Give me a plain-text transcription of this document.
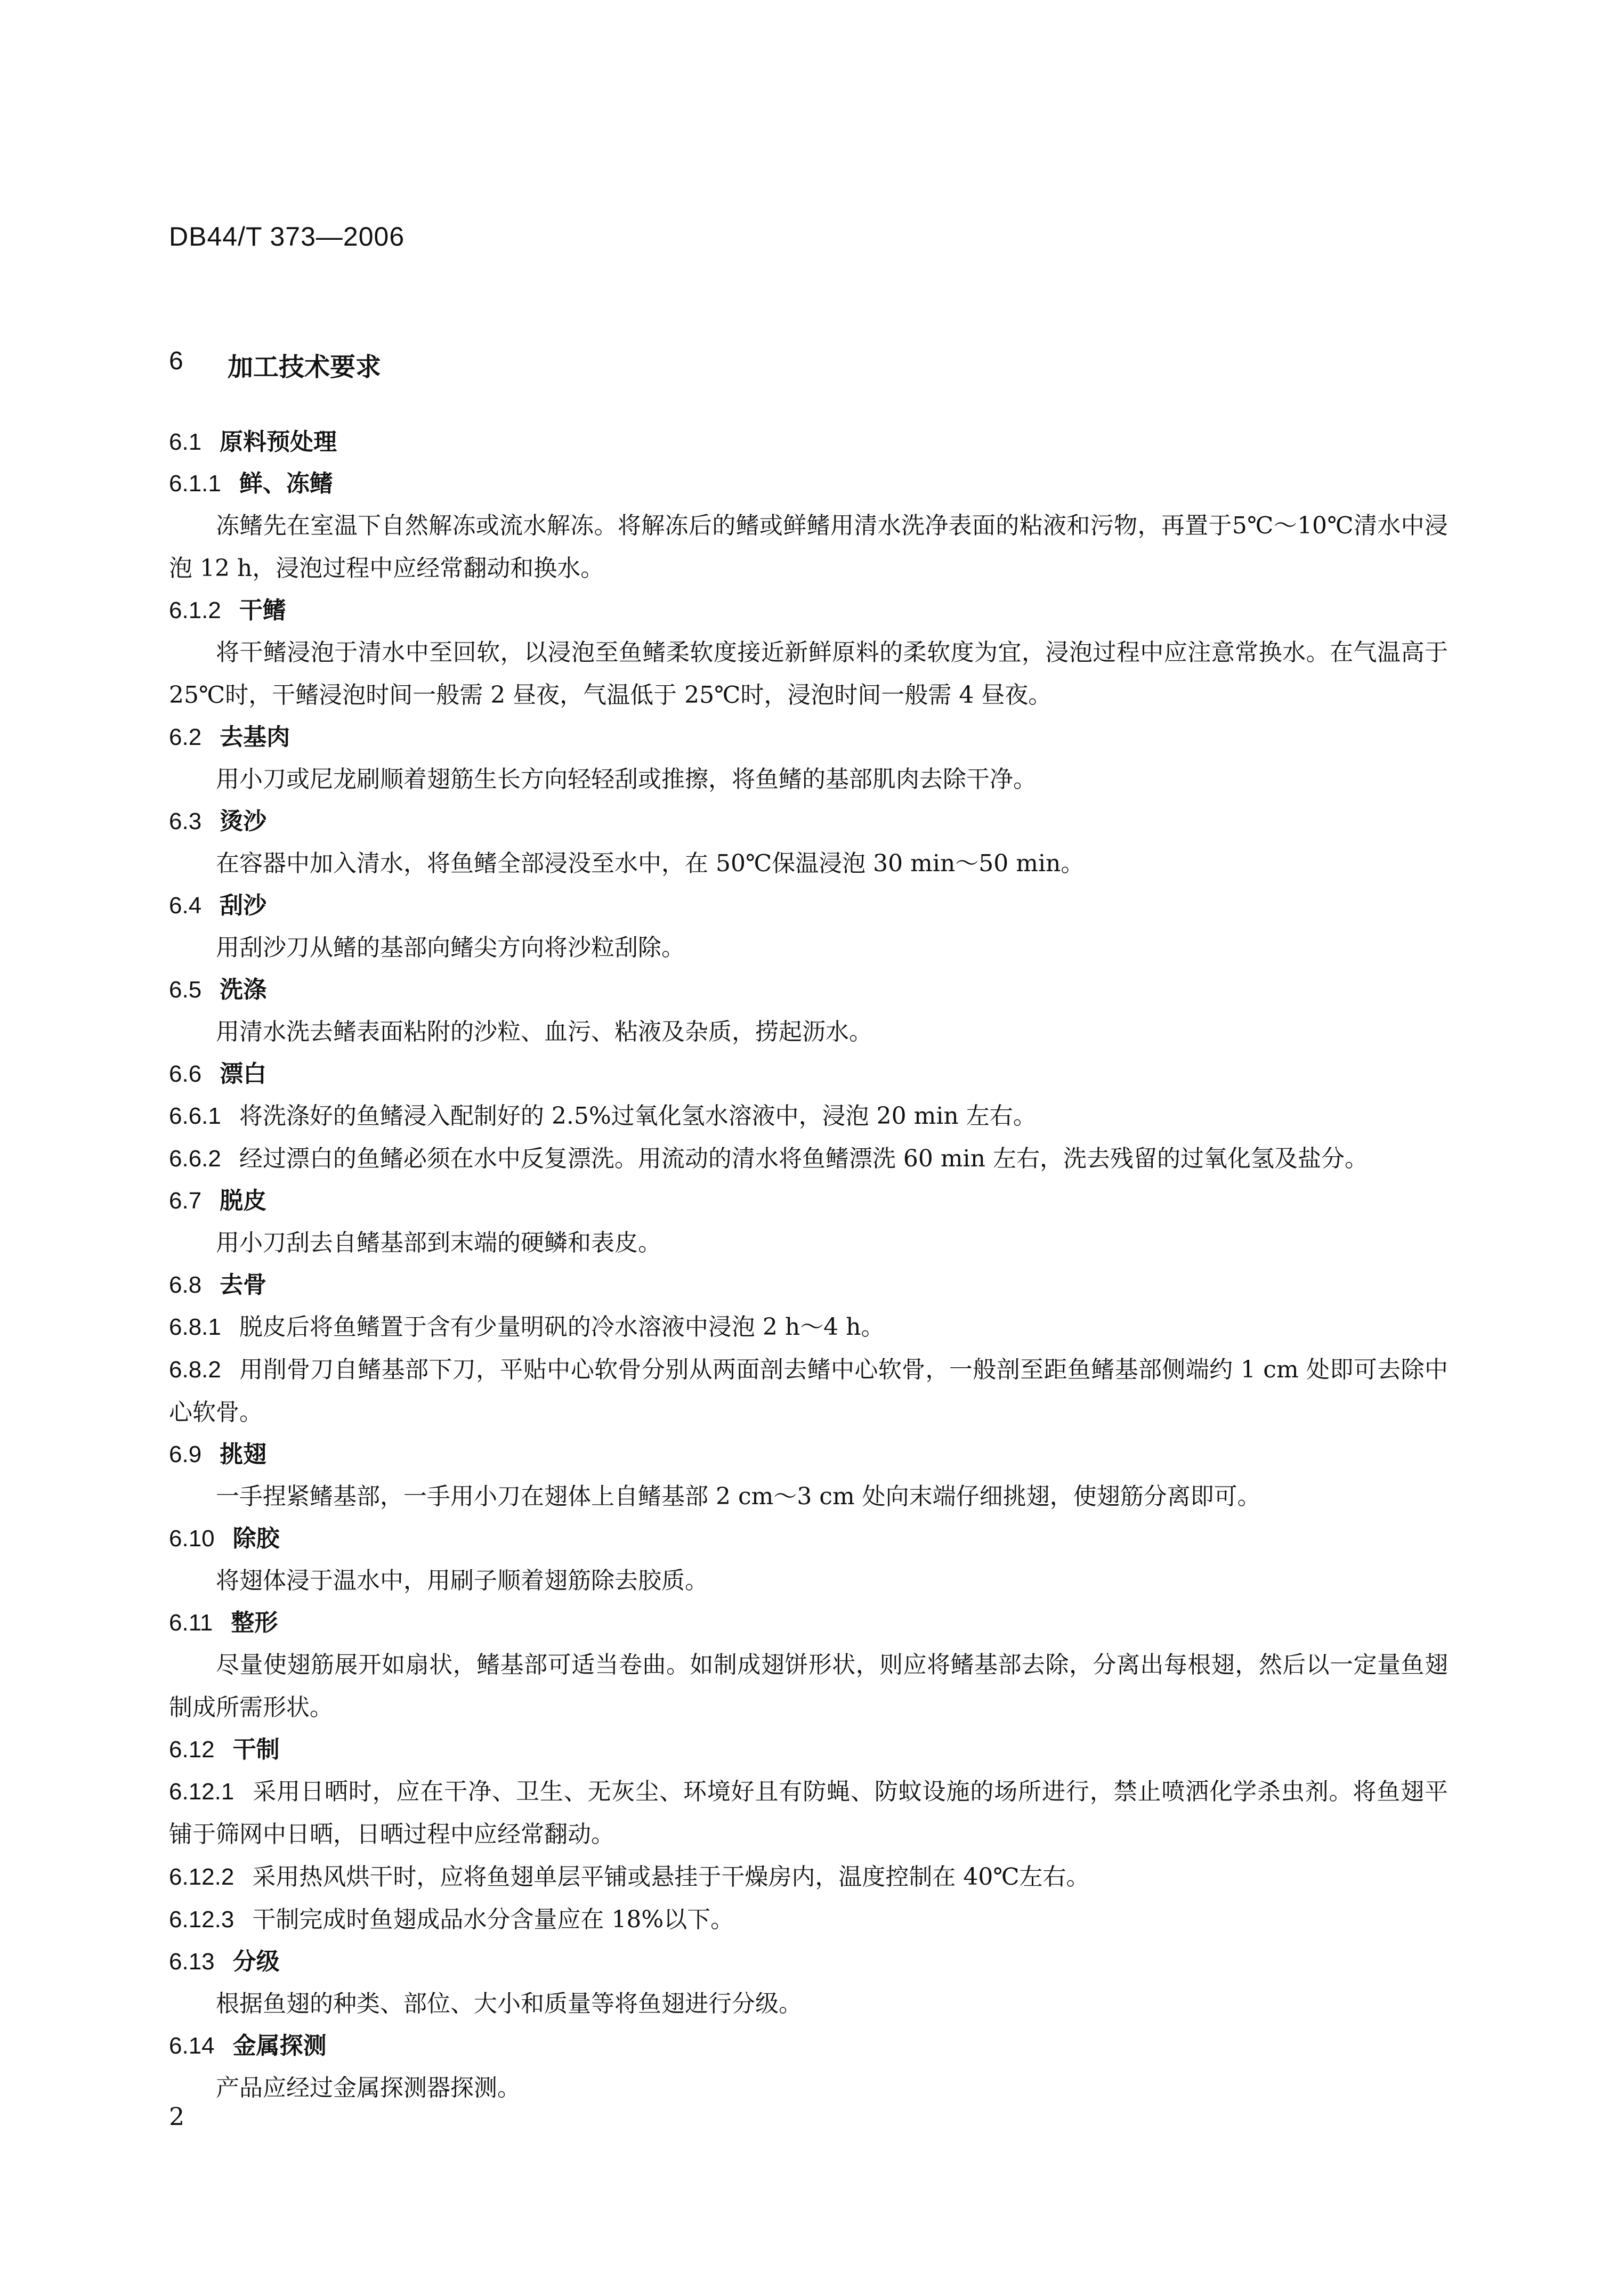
DB44/T 373—2006
6	加工技术要求
6.1 原料预处理
6.1.1 鲜、冻鳍
冻鳍先在室温下自然解冻或流水解冻。将解冻后的鳍或鲜鳍用清水洗净表面的粘液和污物，再置于5℃～10℃清水中浸泡 12 h，浸泡过程中应经常翻动和换水。
6.1.2 干鳍
将干鳍浸泡于清水中至回软，以浸泡至鱼鳍柔软度接近新鲜原料的柔软度为宜，浸泡过程中应注意常换水。在气温高于 25℃时，干鳍浸泡时间一般需 2 昼夜，气温低于 25℃时，浸泡时间一般需 4 昼夜。
6.2 去基肉
用小刀或尼龙刷顺着翅筋生长方向轻轻刮或推擦，将鱼鳍的基部肌肉去除干净。
6.3 烫沙
在容器中加入清水，将鱼鳍全部浸没至水中，在 50℃保温浸泡 30 min～50 min。
6.4 刮沙
用刮沙刀从鳍的基部向鳍尖方向将沙粒刮除。
6.5 洗涤
用清水洗去鳍表面粘附的沙粒、血污、粘液及杂质，捞起沥水。
6.6 漂白
6.6.1 将洗涤好的鱼鳍浸入配制好的 2.5%过氧化氢水溶液中，浸泡 20 min 左右。
6.6.2 经过漂白的鱼鳍必须在水中反复漂洗。用流动的清水将鱼鳍漂洗 60 min 左右，洗去残留的过氧化氢及盐分。
6.7 脱皮
用小刀刮去自鳍基部到末端的硬鳞和表皮。
6.8 去骨
6.8.1 脱皮后将鱼鳍置于含有少量明矾的冷水溶液中浸泡 2 h～4 h。
6.8.2 用削骨刀自鳍基部下刀，平贴中心软骨分别从两面剖去鳍中心软骨，一般剖至距鱼鳍基部侧端约 1 cm 处即可去除中心软骨。
6.9 挑翅
一手捏紧鳍基部，一手用小刀在翅体上自鳍基部 2 cm～3 cm 处向末端仔细挑翅，使翅筋分离即可。
6.10 除胶
将翅体浸于温水中，用刷子顺着翅筋除去胶质。
6.11 整形
尽量使翅筋展开如扇状，鳍基部可适当卷曲。如制成翅饼形状，则应将鳍基部去除，分离出每根翅，然后以一定量鱼翅制成所需形状。
6.12 干制
6.12.1 采用日晒时，应在干净、卫生、无灰尘、环境好且有防蝇、防蚊设施的场所进行，禁止喷洒化学杀虫剂。将鱼翅平铺于筛网中日晒，日晒过程中应经常翻动。
6.12.2 采用热风烘干时，应将鱼翅单层平铺或悬挂于干燥房内，温度控制在 40℃左右。
6.12.3 干制完成时鱼翅成品水分含量应在 18%以下。
6.13 分级
根据鱼翅的种类、部位、大小和质量等将鱼翅进行分级。
6.14 金属探测
产品应经过金属探测器探测。
2
